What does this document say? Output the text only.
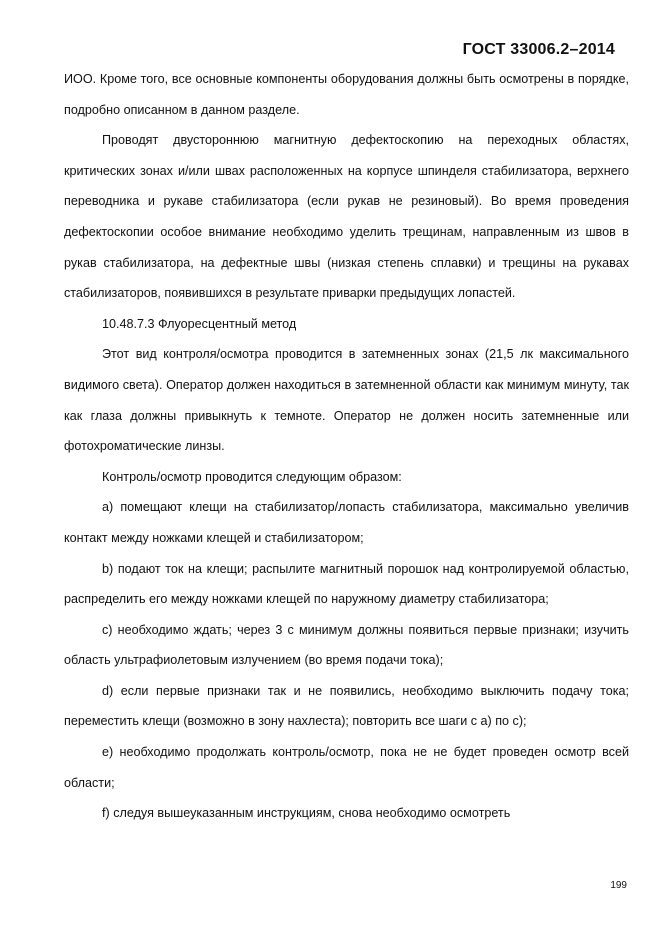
ГОСТ 33006.2–2014

ИОО. Кроме того, все основные компоненты оборудования должны быть осмотрены в порядке, подробно описанном в данном разделе.

Проводят двустороннюю магнитную дефектоскопию на переходных областях, критических зонах и/или швах расположенных на корпусе шпинделя стабилизатора, верхнего переводника и рукаве стабилизатора (если рукав не резиновый). Во время проведения дефектоскопии особое внимание необходимо уделить трещинам, направленным из швов в рукав стабилизатора, на дефектные швы (низкая степень сплавки) и трещины на рукавах стабилизаторов, появившихся в результате приварки предыдущих лопастей.

10.48.7.3 Флуоресцентный метод

Этот вид контроля/осмотра проводится в затемненных зонах (21,5 лк максимального видимого света). Оператор должен находиться в затемненной области как минимум минуту, так как глаза должны привыкнуть к темноте. Оператор не должен носить затемненные или фотохроматические линзы.

Контроль/осмотр проводится следующим образом:

а) помещают клещи на стабилизатор/лопасть стабилизатора, максимально увеличив контакт между ножками клещей и стабилизатором;

b) подают ток на клещи; распылите магнитный порошок над контролируемой областью, распределить его между ножками клещей по наружному диаметру стабилизатора;

c) необходимо ждать; через 3 с минимум должны появиться первые признаки; изучить область ультрафиолетовым излучением (во время подачи тока);

d) если первые признаки так и не появились, необходимо выключить подачу тока; переместить клещи (возможно в зону нахлеста); повторить все шаги с а) по с);

e) необходимо продолжать контроль/осмотр, пока не не будет проведен осмотр всей области;

f) следуя вышеуказанным инструкциям, снова необходимо осмотреть

199
